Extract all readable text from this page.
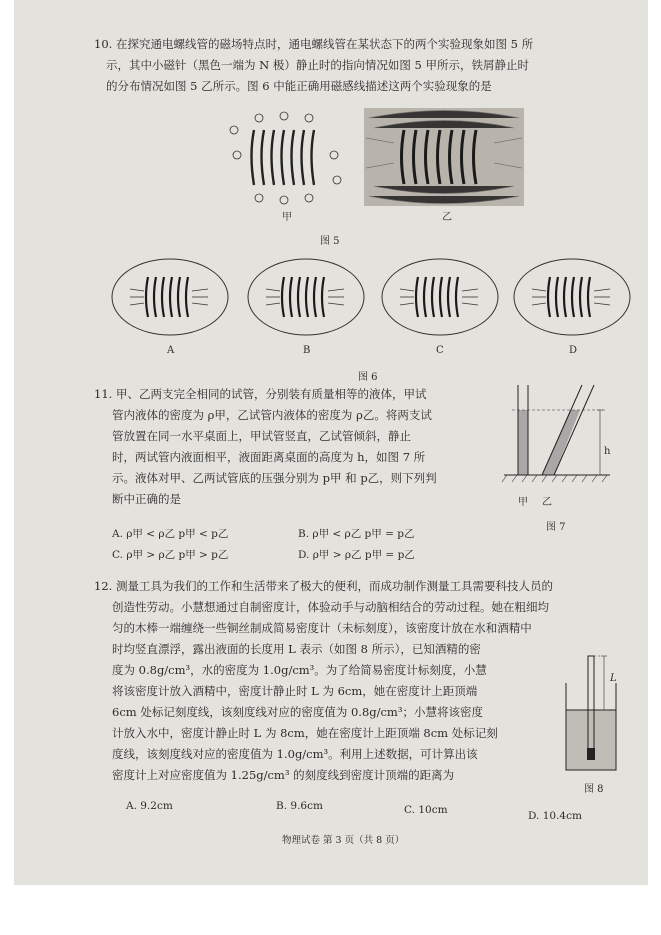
10. 在探究通电螺线管的磁场特点时，通电螺线管在某状态下的两个实验现象如图 5 所
示，其中小磁针（黑色一端为 N 极）静止时的指向情况如图 5 甲所示，铁屑静止时
的分布情况如图 5 乙所示。图 6 中能正确用磁感线描述这两个实验现象的是
甲	乙
图 5
A	B	C	D
图 6
11. 甲、乙两支完全相同的试管，分别装有质量相等的液体，甲试
管内液体的密度为 ρ甲，乙试管内液体的密度为 ρ乙。将两支试
管放置在同一水平桌面上，甲试管竖直，乙试管倾斜，静止
时，两试管内液面相平，液面距离桌面的高度为 h，如图 7 所
示。液体对甲、乙两试管底的压强分别为 p甲 和 p乙，则下列判
断中正确的是
A. ρ甲 < ρ乙 p甲 < p乙	B. ρ甲 < ρ乙 p甲 = p乙
C. ρ甲 > ρ乙 p甲 > p乙	D. ρ甲 > ρ乙 p甲 = p乙
h
甲 乙
图 7
12. 测量工具为我们的工作和生活带来了极大的便利，而成功制作测量工具需要科技人员的
创造性劳动。小慧想通过自制密度计，体验动手与动脑相结合的劳动过程。她在粗细均
匀的木棒一端缠绕一些铜丝制成简易密度计（未标刻度），该密度计放在水和酒精中
时均竖直漂浮，露出液面的长度用 L 表示（如图 8 所示），已知酒精的密
度为 0.8g/cm³，水的密度为 1.0g/cm³。为了给简易密度计标刻度，小慧
将该密度计放入酒精中，密度计静止时 L 为 6cm，她在密度计上距顶端
6cm 处标记刻度线，该刻度线对应的密度值为 0.8g/cm³；小慧将该密度
计放入水中，密度计静止时 L 为 8cm，她在密度计上距顶端 8cm 处标记刻
度线，该刻度线对应的密度值为 1.0g/cm³。利用上述数据，可计算出该
密度计上对应密度值为 1.25g/cm³ 的刻度线到密度计顶端的距离为
A. 9.2cm	B. 9.6cm	C. 10cm	D. 10.4cm
L
图 8
物理试卷 第 3 页（共 8 页）
